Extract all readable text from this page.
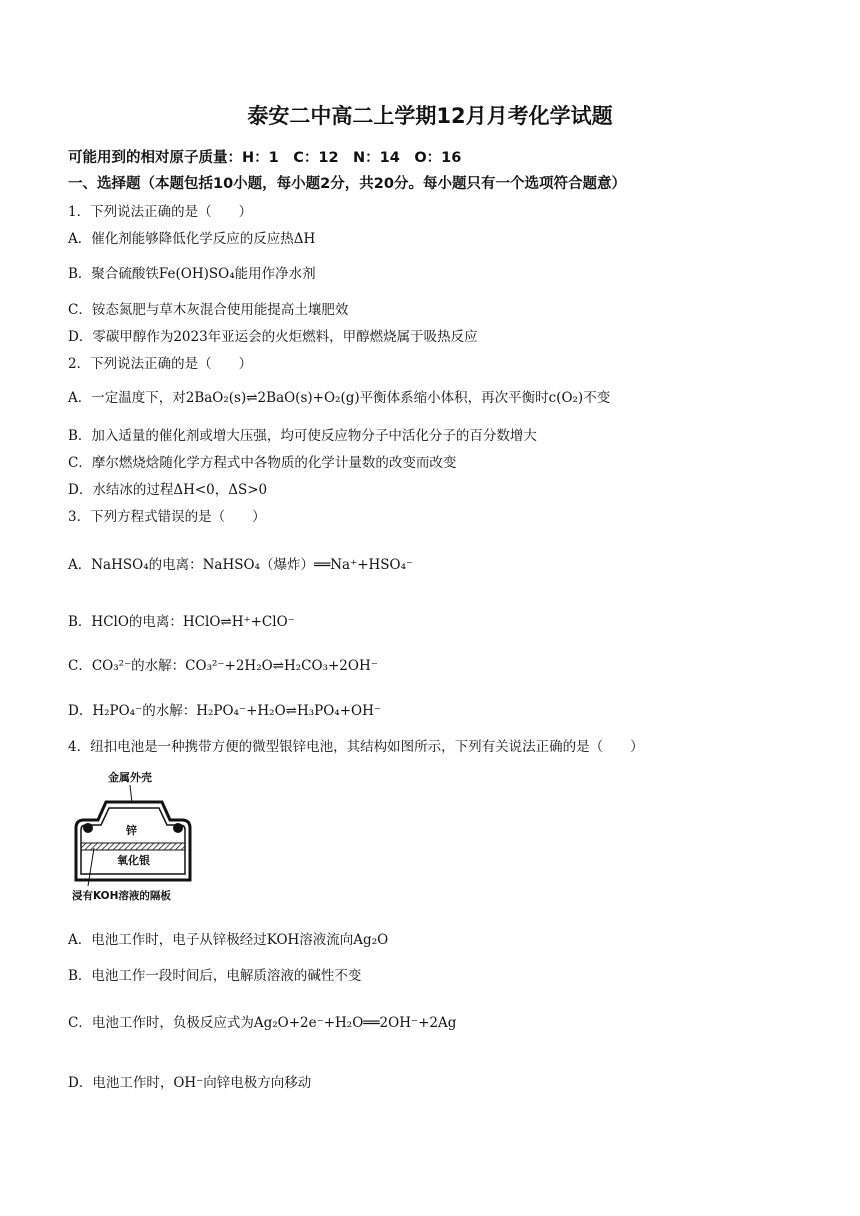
泰安二中高二上学期12月月考化学试题
可能用到的相对原子质量：H：1　C：12　N：14　O：16
一、选择题（本题包括10小题，每小题2分，共20分。每小题只有一个选项符合题意）
1．下列说法正确的是（　　）
A．催化剂能够降低化学反应的反应热ΔH
B．聚合硫酸铁Fe(OH)SO₄能用作净水剂
C．铵态氮肥与草木灰混合使用能提高土壤肥效
D．零碳甲醇作为2023年亚运会的火炬燃料，甲醇燃烧属于吸热反应
2．下列说法正确的是（　　）
A．一定温度下，对2BaO₂(s)⇌2BaO(s)+O₂(g)平衡体系缩小体积，再次平衡时c(O₂)不变
B．加入适量的催化剂或增大压强，均可使反应物分子中活化分子的百分数增大
C．摩尔燃烧焓随化学方程式中各物质的化学计量数的改变而改变
D．水结冰的过程ΔH<0，ΔS>0
3．下列方程式错误的是（　　）
A．NaHSO₄的电离：NaHSO₄（爆炸）══Na⁺+HSO₄⁻
B．HClO的电离：HClO⇌H⁺+ClO⁻
C．CO₃²⁻的水解：CO₃²⁻+2H₂O⇌H₂CO₃+2OH⁻
D．H₂PO₄⁻的水解：H₂PO₄⁻+H₂O⇌H₃PO₄+OH⁻
4．纽扣电池是一种携带方便的微型银锌电池，其结构如图所示，下列有关说法正确的是（　　）
金属外壳
锌
氧化银
浸有KOH溶液的隔板
A．电池工作时，电子从锌极经过KOH溶液流向Ag₂O
B．电池工作一段时间后，电解质溶液的碱性不变
C．电池工作时，负极反应式为Ag₂O+2e⁻+H₂O══2OH⁻+2Ag
D．电池工作时，OH⁻向锌电极方向移动
